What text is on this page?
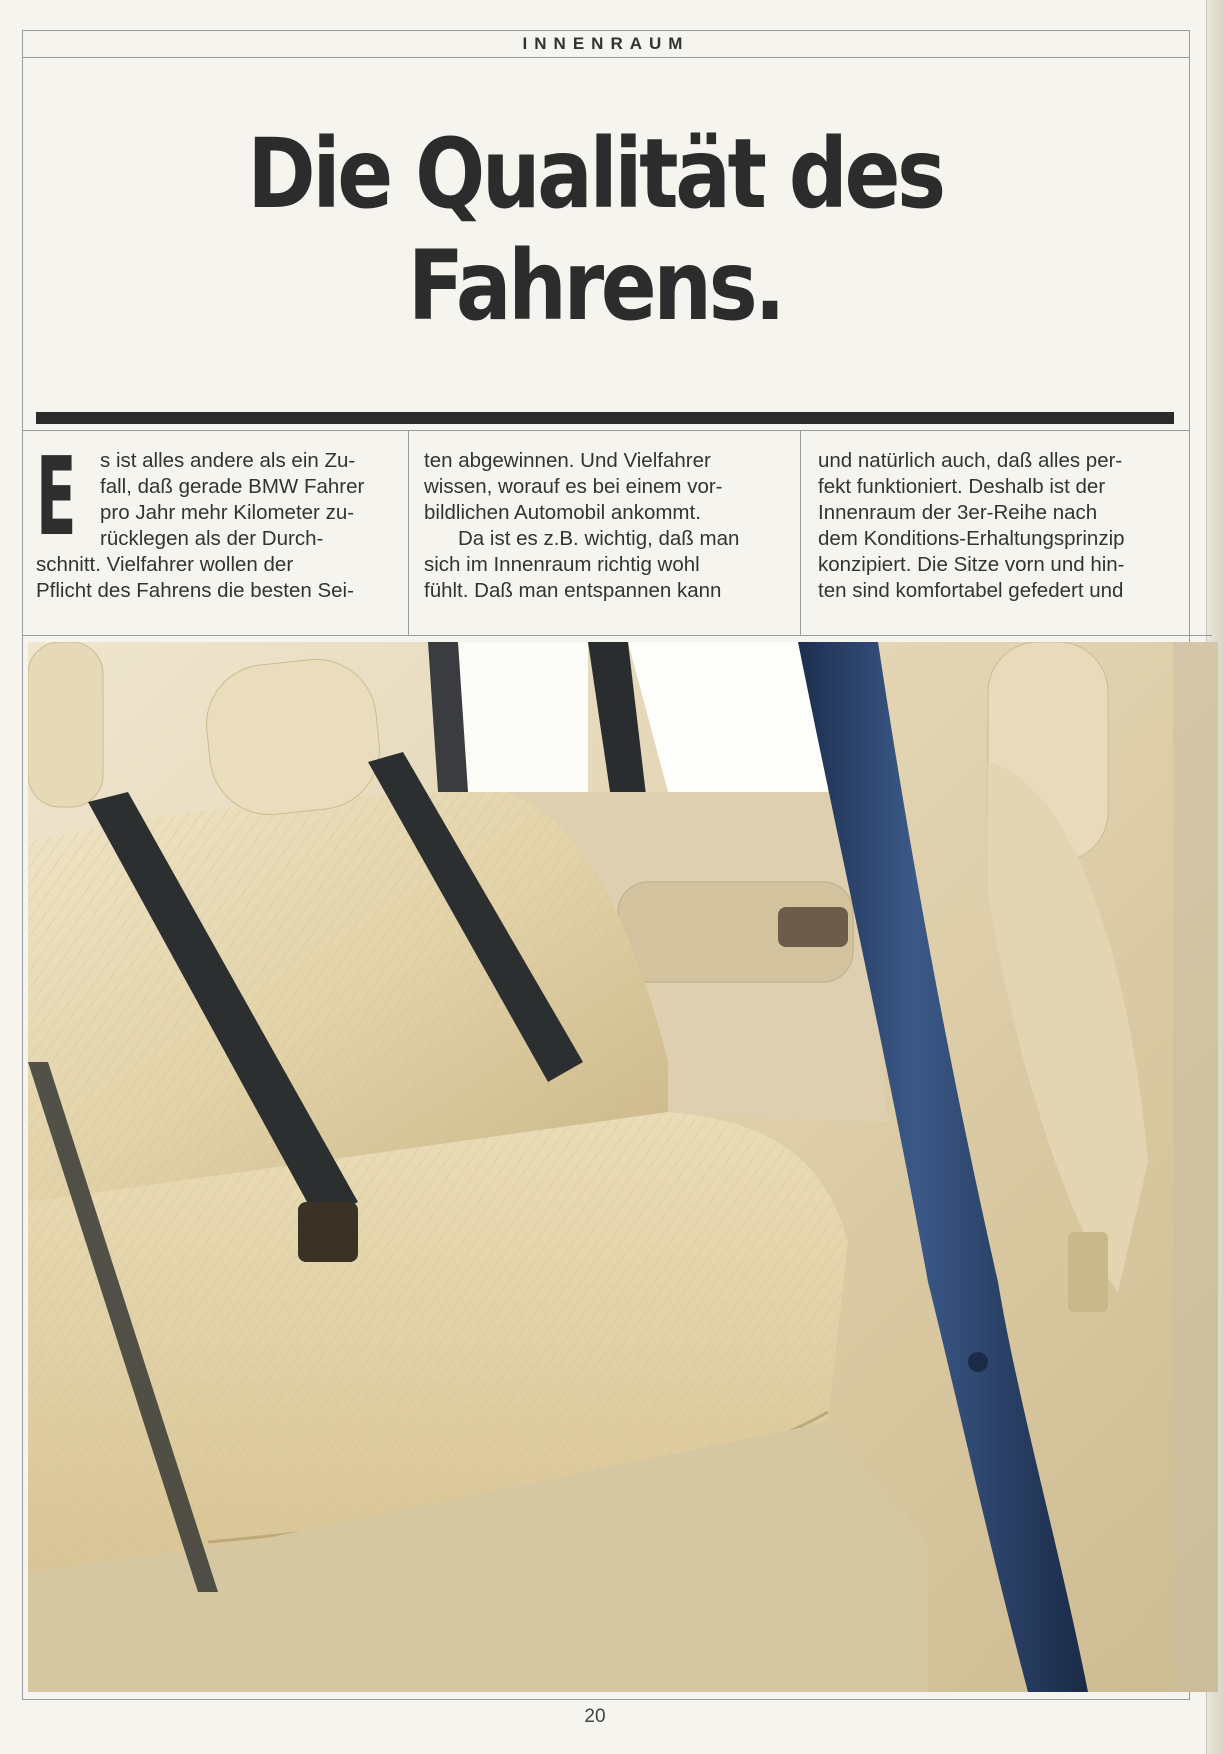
INNENRAUM
Die Qualität des
Fahrens.
E s ist alles andere als ein Zu-
fall, daß gerade BMW Fahrer
pro Jahr mehr Kilometer zu-
rücklegen als der Durch-
schnitt. Vielfahrer wollen der
Pflicht des Fahrens die besten Sei-
ten abgewinnen. Und Vielfahrer
wissen, worauf es bei einem vor-
bildlichen Automobil ankommt.
Da ist es z.B. wichtig, daß man
sich im Innenraum richtig wohl
fühlt. Daß man entspannen kann
und natürlich auch, daß alles per-
fekt funktioniert. Deshalb ist der
Innenraum der 3er-Reihe nach
dem Konditions-Erhaltungsprinzip
konzipiert. Die Sitze vorn und hin-
ten sind komfortabel gefedert und
20
